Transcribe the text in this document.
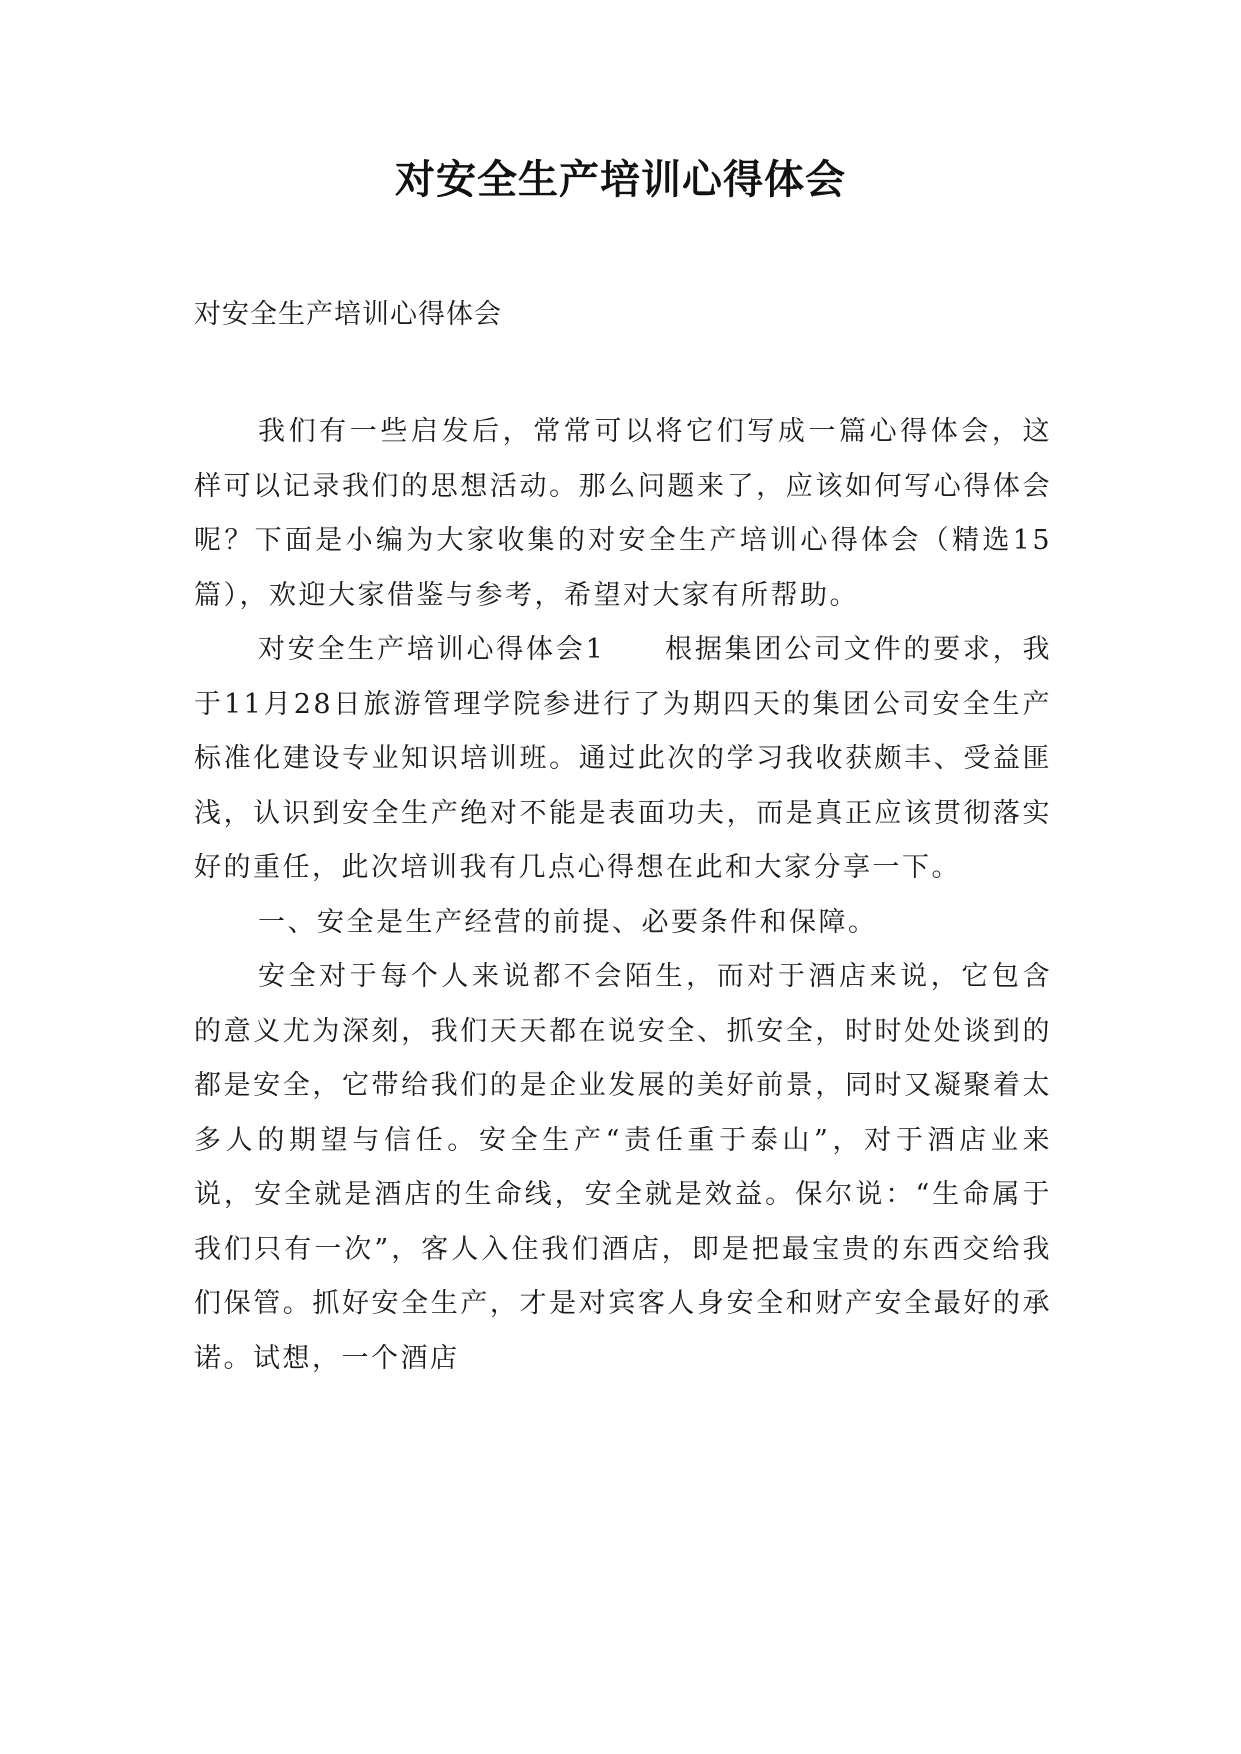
对安全生产培训心得体会
对安全生产培训心得体会

我们有一些启发后，常常可以将它们写成一篇心得体会，这样可以记录我们的思想活动。那么问题来了，应该如何写心得体会呢？下面是小编为大家收集的对安全生产培训心得体会（精选15篇），欢迎大家借鉴与参考，希望对大家有所帮助。

对安全生产培训心得体会1　　根据集团公司文件的要求，我于11月28日旅游管理学院参进行了为期四天的集团公司安全生产标准化建设专业知识培训班。通过此次的学习我收获颇丰、受益匪浅，认识到安全生产绝对不能是表面功夫，而是真正应该贯彻落实好的重任，此次培训我有几点心得想在此和大家分享一下。

一、安全是生产经营的前提、必要条件和保障。

安全对于每个人来说都不会陌生，而对于酒店来说，它包含的意义尤为深刻，我们天天都在说安全、抓安全，时时处处谈到的都是安全，它带给我们的是企业发展的美好前景，同时又凝聚着太多人的期望与信任。安全生产“责任重于泰山”，对于酒店业来说，安全就是酒店的生命线，安全就是效益。保尔说：“生命属于我们只有一次”，客人入住我们酒店，即是把最宝贵的东西交给我们保管。抓好安全生产，才是对宾客人身安全和财产安全最好的承诺。试想，一个酒店
